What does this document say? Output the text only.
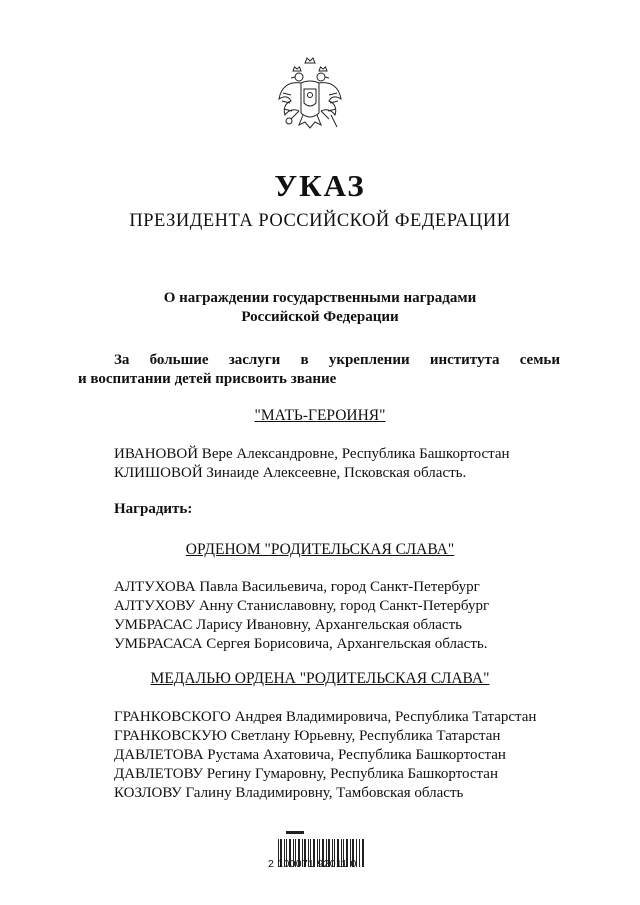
УКАЗ
ПРЕЗИДЕНТА РОССИЙСКОЙ ФЕДЕРАЦИИ
О награждении государственными наградами
Российской Федерации
За большие заслуги в укреплении института семьи
и воспитании детей присвоить звание
"МАТЬ-ГЕРОИНЯ"
ИВАНОВОЙ Вере Александровне, Республика Башкортостан
КЛИШОВОЙ Зинаиде Алексеевне, Псковская область.
Наградить:
ОРДЕНОМ "РОДИТЕЛЬСКАЯ СЛАВА"
АЛТУХОВА Павла Васильевича, город Санкт-Петербург
АЛТУХОВУ Анну Станиславовну, город Санкт-Петербург
УМБРАСАС Ларису Ивановну, Архангельская область
УМБРАСАСА Сергея Борисовича, Архангельская область.
МЕДАЛЬЮ ОРДЕНА "РОДИТЕЛЬСКАЯ СЛАВА"
ГРАНКОВСКОГО Андрея Владимировича, Республика Татарстан
ГРАНКОВСКУЮ Светлану Юрьевну, Республика Татарстан
ДАВЛЕТОВА Рустама Ахатовича, Республика Башкортостан
ДАВЛЕТОВУ Регину Гумаровну, Республика Башкортостан
КОЗЛОВУ Галину Владимировну, Тамбовская область
2 100071 92011 0
